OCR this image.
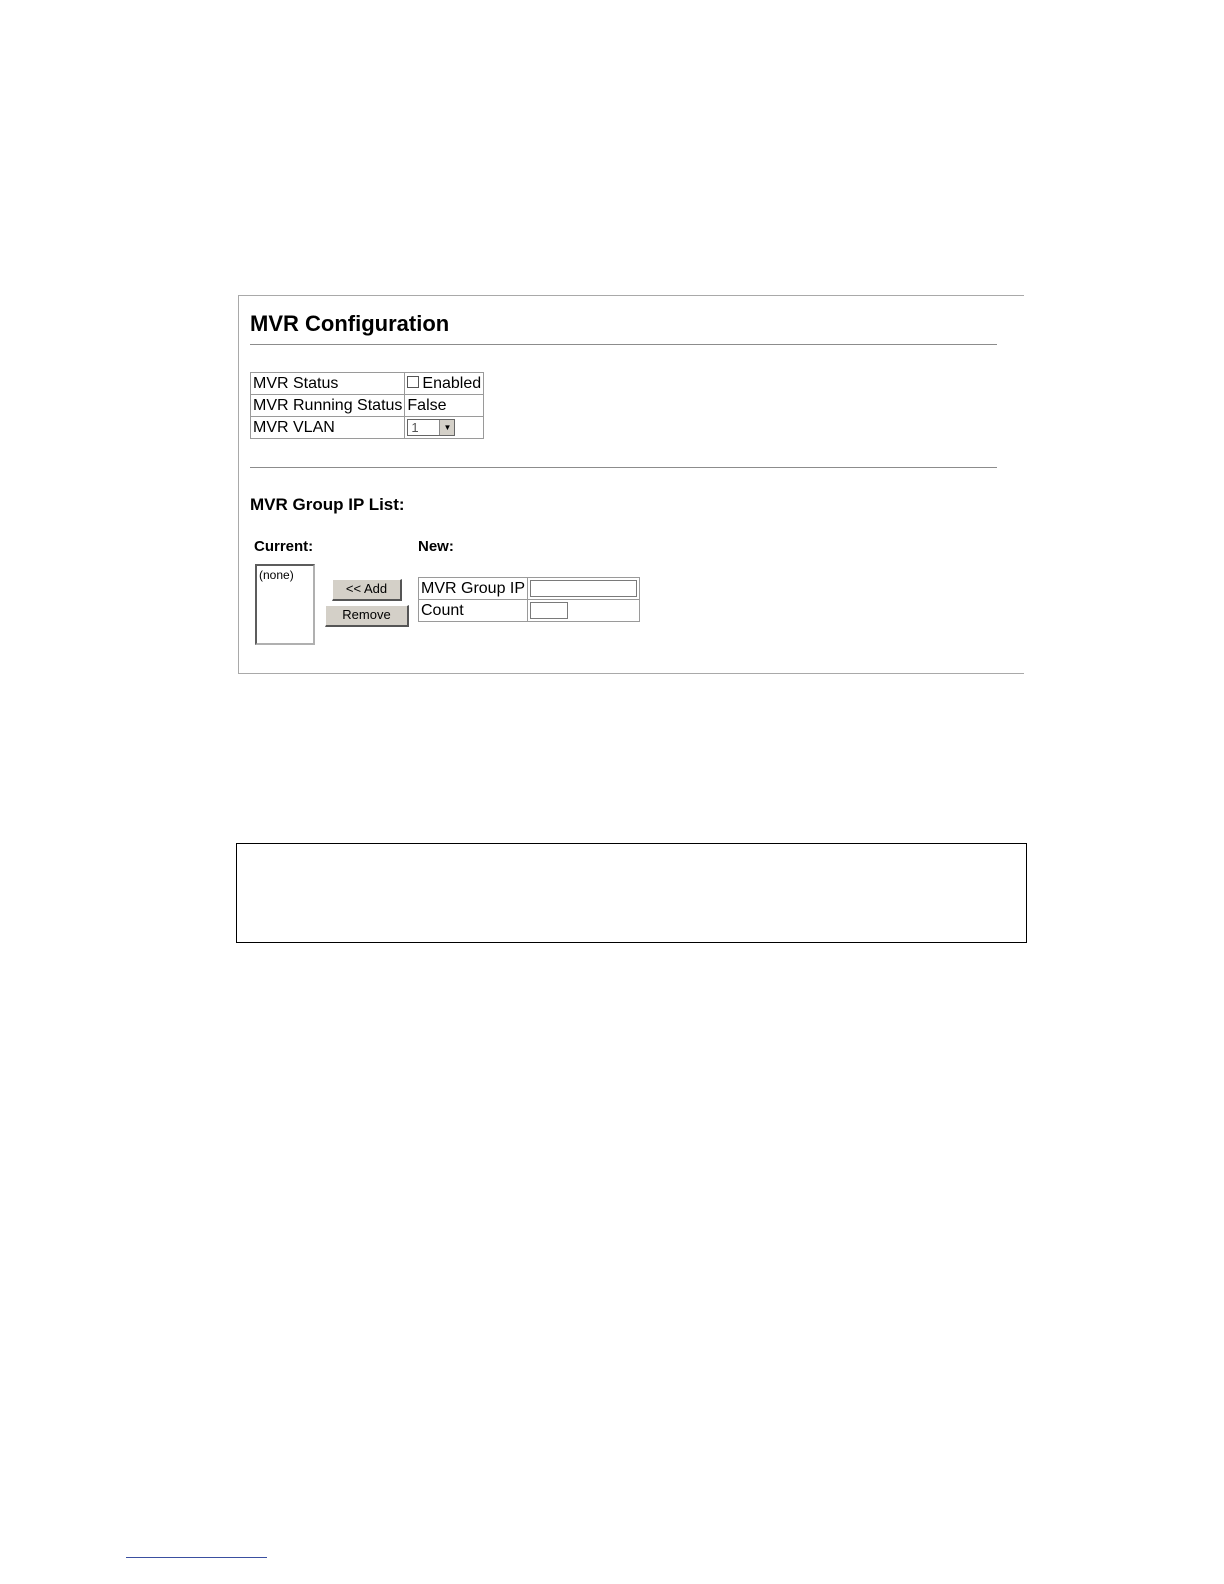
MVR Configuration
MVR Status	Enabled
MVR Running Status	False
MVR VLAN	1 ▼
MVR Group IP List:
Current:	New:
(none)
<< Add
Remove
MVR Group IP	
Count	
